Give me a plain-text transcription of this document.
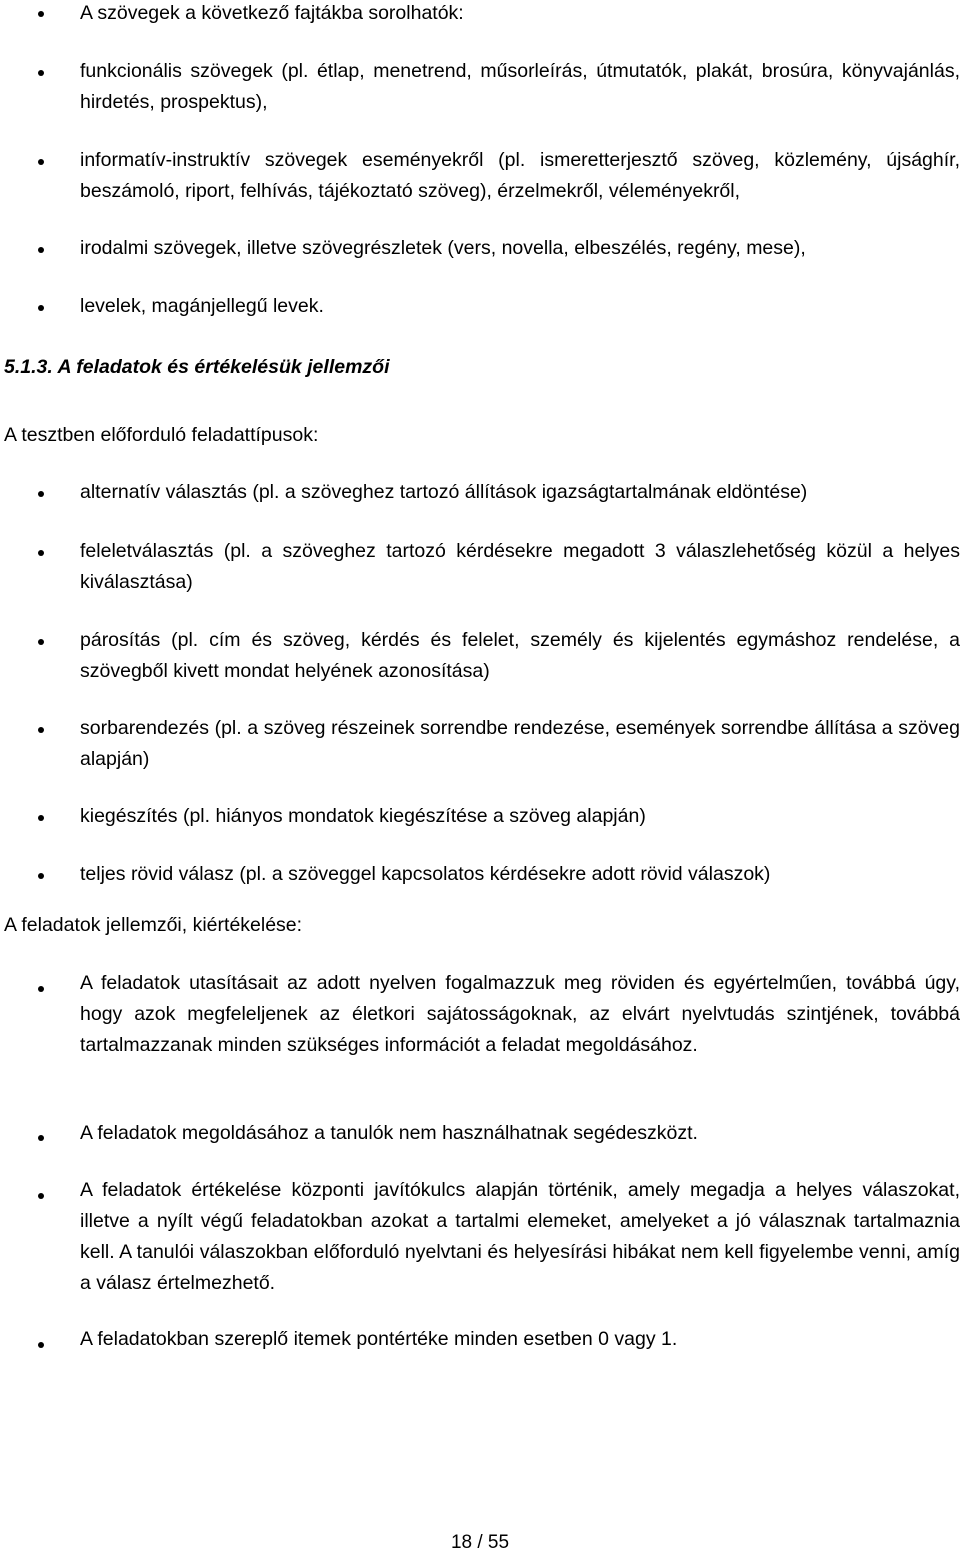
A szövegek a következő fajtákba sorolhatók:
funkcionális szövegek (pl. étlap, menetrend, műsorleírás, útmutatók, plakát, brosúra, könyvajánlás, hirdetés, prospektus),
informatív-instruktív szövegek eseményekről (pl. ismeretterjesztő szöveg, közlemény, újsághír, beszámoló, riport, felhívás, tájékoztató szöveg), érzelmekről, véleményekről,
irodalmi szövegek, illetve szövegrészletek (vers, novella, elbeszélés, regény, mese),
levelek, magánjellegű levek.
5.1.3. A feladatok és értékelésük jellemzői
A tesztben előforduló feladattípusok:
alternatív választás (pl. a szöveghez tartozó állítások igazságtartalmának eldöntése)
feleletválasztás (pl. a szöveghez tartozó kérdésekre megadott 3 válaszlehetőség közül a helyes kiválasztása)
párosítás (pl. cím és szöveg, kérdés és felelet, személy és kijelentés egymáshoz rendelése, a szövegből kivett mondat helyének azonosítása)
sorbarendezés (pl. a szöveg részeinek sorrendbe rendezése, események sorrendbe állítása a szöveg alapján)
kiegészítés (pl. hiányos mondatok kiegészítése a szöveg alapján)
teljes rövid válasz (pl. a szöveggel kapcsolatos kérdésekre adott rövid válaszok)
A feladatok jellemzői, kiértékelése:
A feladatok utasításait az adott nyelven fogalmazzuk meg röviden és egyértelműen, továbbá úgy, hogy azok megfeleljenek az életkori sajátosságoknak, az elvárt nyelvtudás szintjének, továbbá tartalmazzanak minden szükséges információt a feladat megoldásához.
A feladatok megoldásához a tanulók nem használhatnak segédeszközt.
A feladatok értékelése központi javítókulcs alapján történik, amely megadja a helyes válaszokat, illetve a nyílt végű feladatokban azokat a tartalmi elemeket, amelyeket a jó válasznak tartalmaznia kell. A tanulói válaszokban előforduló nyelvtani és helyesírási hibákat nem kell figyelembe venni, amíg a válasz értelmezhető.
A feladatokban szereplő itemek pontértéke minden esetben 0 vagy 1.
18 / 55
